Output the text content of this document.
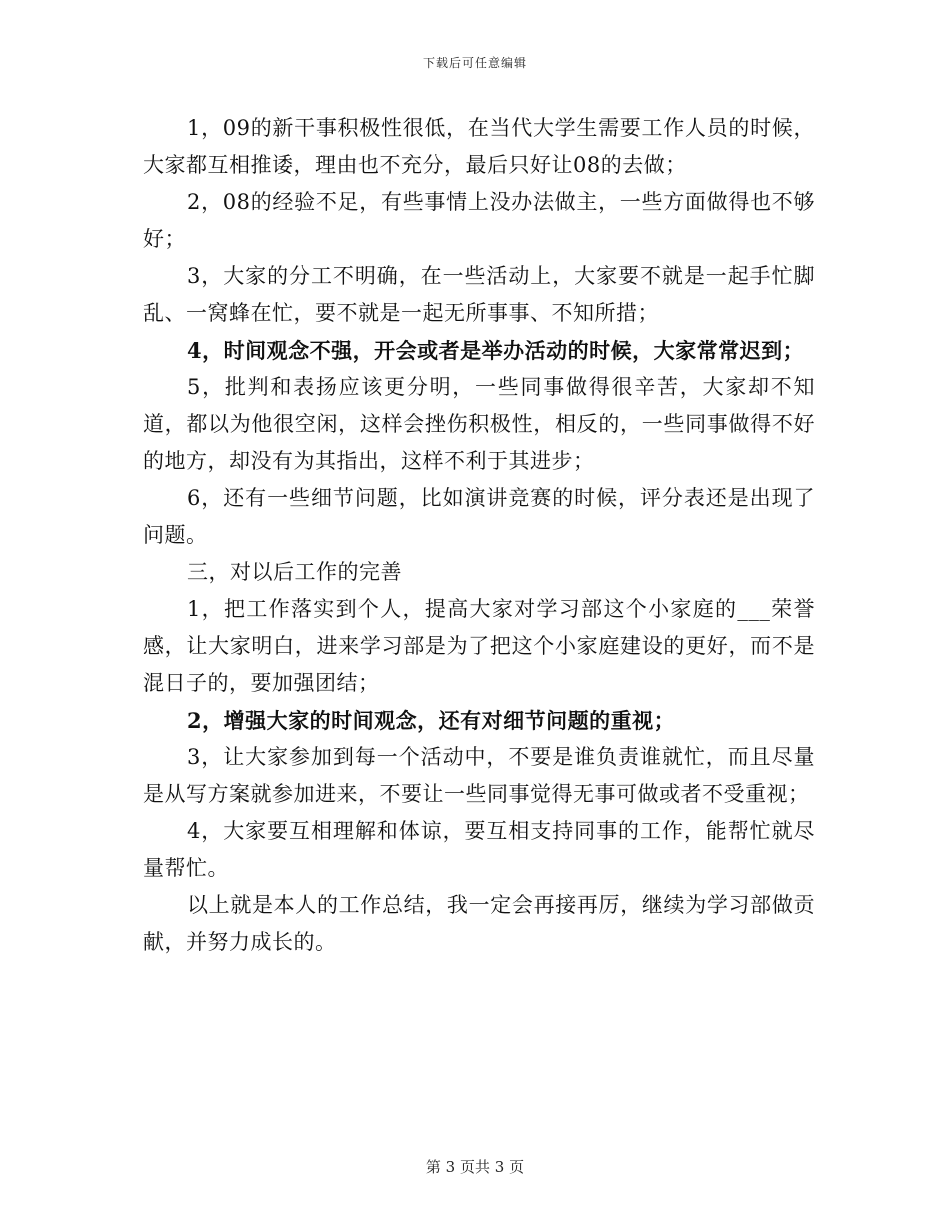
下载后可任意编辑

1，09的新干事积极性很低，在当代大学生需要工作人员的时候，大家都互相推诿，理由也不充分，最后只好让08的去做；

2，08的经验不足，有些事情上没办法做主，一些方面做得也不够好；

3，大家的分工不明确，在一些活动上，大家要不就是一起手忙脚乱、一窝蜂在忙，要不就是一起无所事事、不知所措；

4，时间观念不强，开会或者是举办活动的时候，大家常常迟到；

5，批判和表扬应该更分明，一些同事做得很辛苦，大家却不知道，都以为他很空闲，这样会挫伤积极性，相反的，一些同事做得不好的地方，却没有为其指出，这样不利于其进步；

6，还有一些细节问题，比如演讲竞赛的时候，评分表还是出现了问题。

三，对以后工作的完善

1，把工作落实到个人，提高大家对学习部这个小家庭的___荣誉感，让大家明白，进来学习部是为了把这个小家庭建设的更好，而不是混日子的，要加强团结；

2，增强大家的时间观念，还有对细节问题的重视；

3，让大家参加到每一个活动中，不要是谁负责谁就忙，而且尽量是从写方案就参加进来，不要让一些同事觉得无事可做或者不受重视；

4，大家要互相理解和体谅，要互相支持同事的工作，能帮忙就尽量帮忙。

以上就是本人的工作总结，我一定会再接再厉，继续为学习部做贡献，并努力成长的。

第 3 页共 3 页
